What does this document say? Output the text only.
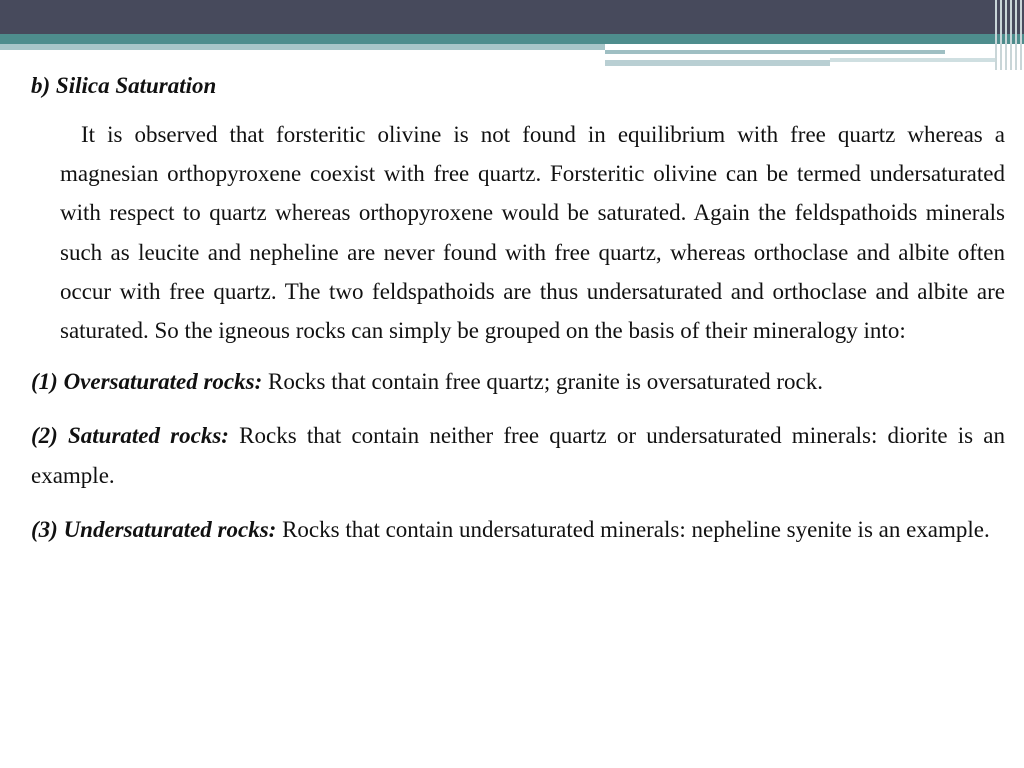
b) Silica Saturation

It is observed that forsteritic olivine is not found in equilibrium with free quartz whereas a magnesian orthopyroxene coexist with free quartz. Forsteritic olivine can be termed undersaturated with respect to quartz whereas orthopyroxene would be saturated. Again the feldspathoids minerals such as leucite and nepheline are never found with free quartz, whereas orthoclase and albite often occur with free quartz. The two feldspathoids are thus undersaturated and orthoclase and albite are saturated. So the igneous rocks can simply be grouped on the basis of their mineralogy into:

(1) Oversaturated rocks: Rocks that contain free quartz; granite is oversaturated rock.

(2) Saturated rocks: Rocks that contain neither free quartz or undersaturated minerals: diorite is an example.

(3) Undersaturated rocks: Rocks that contain undersaturated minerals: nepheline syenite is an example.
